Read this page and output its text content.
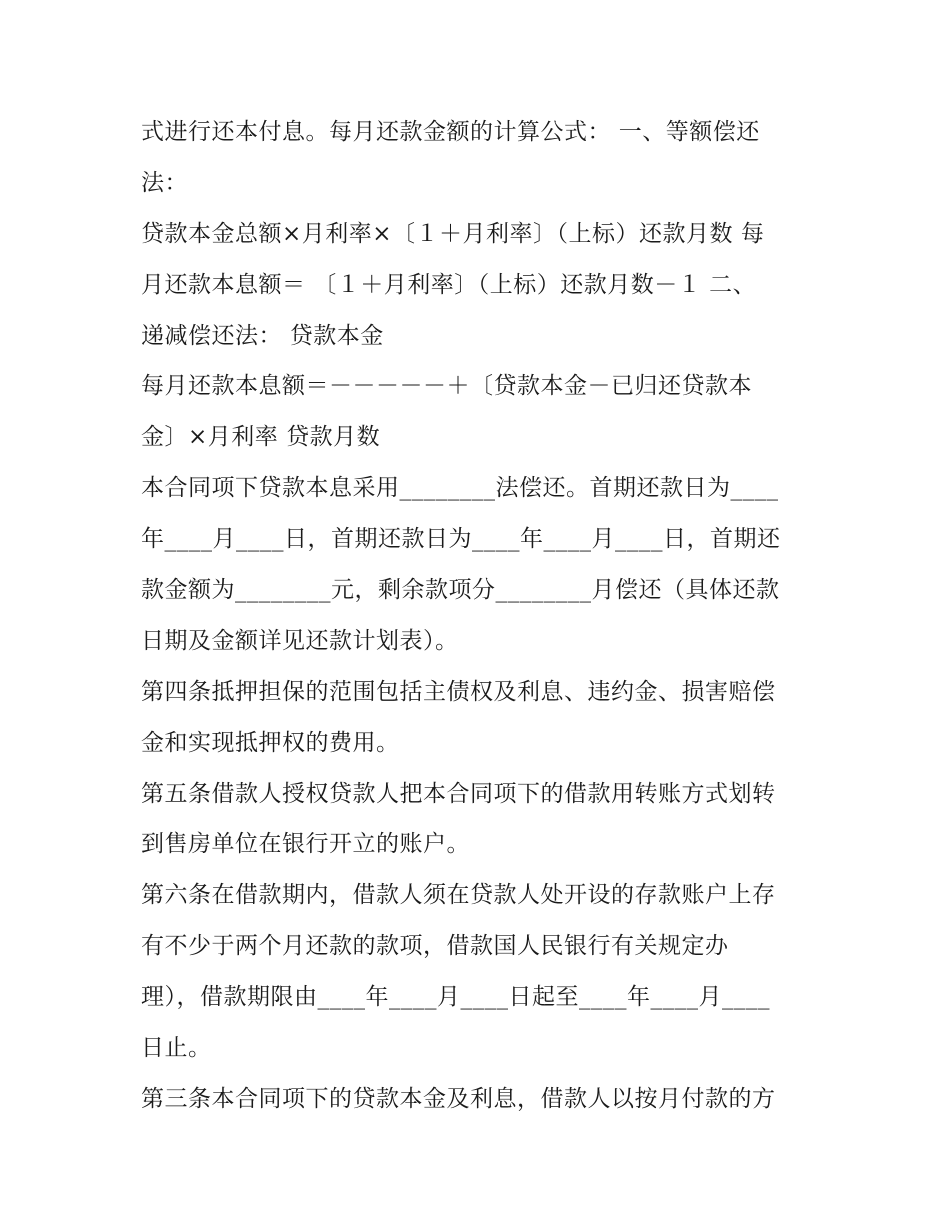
式进行还本付息。每月还款金额的计算公式： 一、等额偿还
法：
贷款本金总额×月利率×〔１＋月利率〕（上标）还款月数 每
月还款本息额＝ 〔１＋月利率〕（上标）还款月数－１ 二、
递减偿还法： 贷款本金
每月还款本息额＝－－－－－＋〔贷款本金－已归还贷款本
金〕×月利率 贷款月数
本合同项下贷款本息采用________法偿还。首期还款日为____
年____月____日，首期还款日为____年____月____日，首期还
款金额为________元，剩余款项分________月偿还（具体还款
日期及金额详见还款计划表）。
第四条抵押担保的范围包括主债权及利息、违约金、损害赔偿
金和实现抵押权的费用。
第五条借款人授权贷款人把本合同项下的借款用转账方式划转
到售房单位在银行开立的账户。
第六条在借款期内，借款人须在贷款人处开设的存款账户上存
有不少于两个月还款的款项，借款国人民银行有关规定办
理），借款期限由____年____月____日起至____年____月____
日止。
第三条本合同项下的贷款本金及利息，借款人以按月付款的方
